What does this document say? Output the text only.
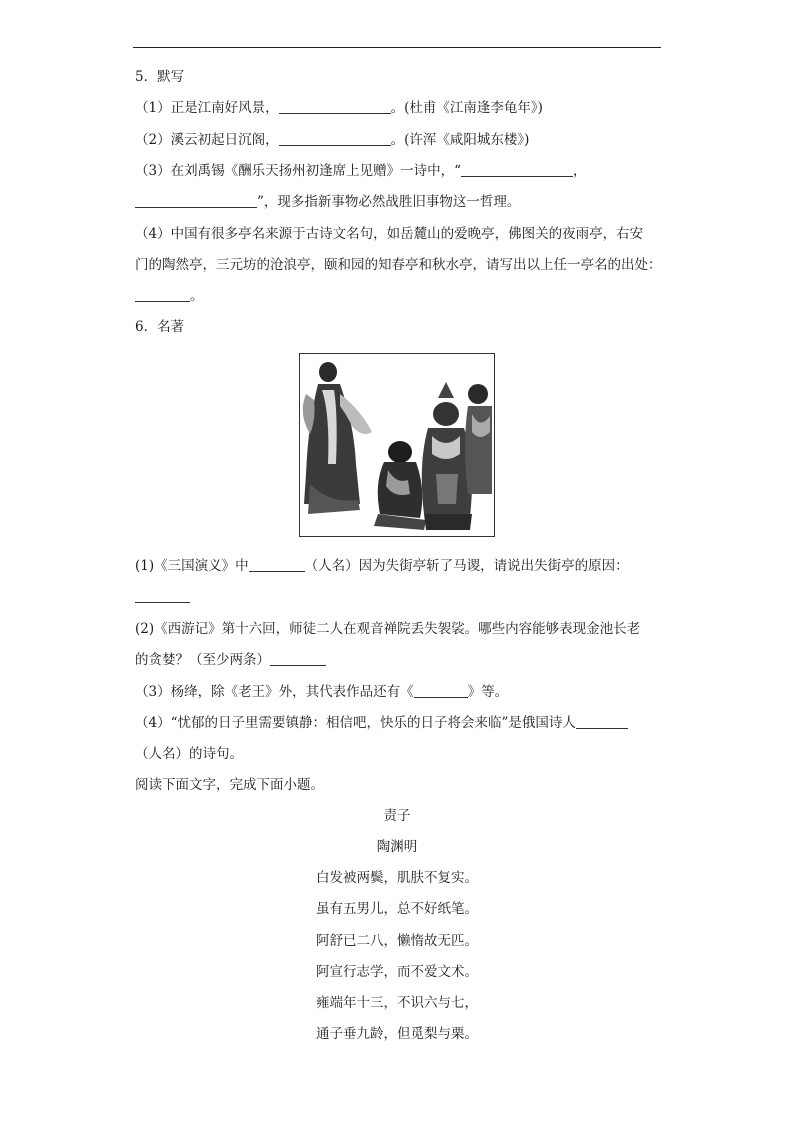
5．默写
（1）正是江南好风景，	。(杜甫《江南逢李龟年》)
（2）溪云初起日沉阁，	。(许浑《咸阳城东楼》)
（3）在刘禹锡《酬乐天扬州初逢席上见赠》一诗中，“	，
”，现多指新事物必然战胜旧事物这一哲理。
（4）中国有很多亭名来源于古诗文名句，如岳麓山的爱晚亭，佛图关的夜雨亭，右安
门的陶然亭，三元坊的沧浪亭，颐和园的知春亭和秋水亭，请写出以上任一亭名的出处：
。
6．名著
(1)《三国演义》中	（人名）因为失街亭斩了马谡，请说出失街亭的原因：
(2)《西游记》第十六回，师徒二人在观音禅院丢失袈裟。哪些内容能够表现金池长老
的贪婪？（至少两条）
（3）杨绛，除《老王》外，其代表作品还有《	》等。
（4）“忧郁的日子里需要镇静：相信吧，快乐的日子将会来临”是俄国诗人
（人名）的诗句。
阅读下面文字，完成下面小题。
责子
陶渊明
白发被两鬓，肌肤不复实。
虽有五男儿，总不好纸笔。
阿舒已二八，懒惰故无匹。
阿宣行志学，而不爱文术。
雍端年十三，不识六与七，
通子垂九龄，但觅梨与栗。
